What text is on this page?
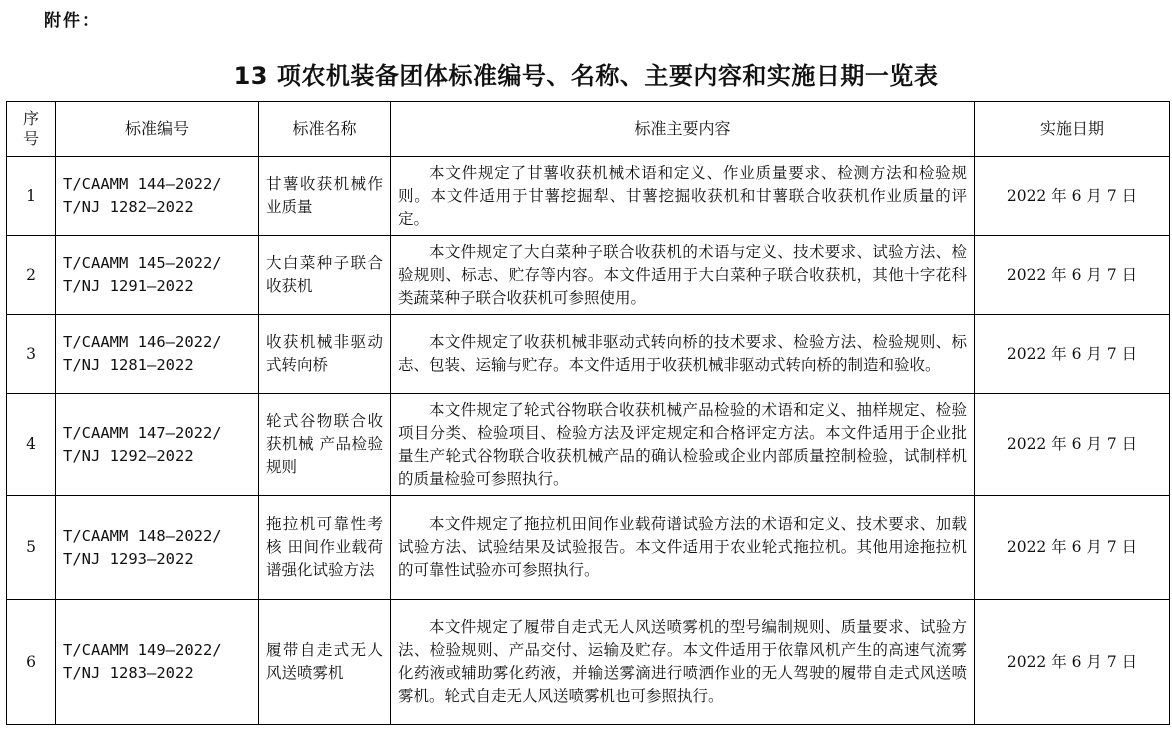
附件：
13 项农机装备团体标准编号、名称、主要内容和实施日期一览表
序号	标准编号	标准名称	标准主要内容	实施日期
1	T/CAAMM 144—2022/
T/NJ 1282—2022	甘薯收获机械作业质量	本文件规定了甘薯收获机械术语和定义、作业质量要求、检测方法和检验规则。本文件适用于甘薯挖掘犁、甘薯挖掘收获机和甘薯联合收获机作业质量的评定。	2022 年 6 月 7 日
2	T/CAAMM 145—2022/
T/NJ 1291—2022	大白菜种子联合收获机	本文件规定了大白菜种子联合收获机的术语与定义、技术要求、试验方法、检验规则、标志、贮存等内容。本文件适用于大白菜种子联合收获机，其他十字花科类蔬菜种子联合收获机可参照使用。	2022 年 6 月 7 日
3	T/CAAMM 146—2022/
T/NJ 1281—2022	收获机械非驱动式转向桥	本文件规定了收获机械非驱动式转向桥的技术要求、检验方法、检验规则、标志、包装、运输与贮存。本文件适用于收获机械非驱动式转向桥的制造和验收。	2022 年 6 月 7 日
4	T/CAAMM 147—2022/
T/NJ 1292—2022	轮式谷物联合收获机械 产品检验规则	本文件规定了轮式谷物联合收获机械产品检验的术语和定义、抽样规定、检验项目分类、检验项目、检验方法及评定规定和合格评定方法。本文件适用于企业批量生产轮式谷物联合收获机械产品的确认检验或企业内部质量控制检验，试制样机的质量检验可参照执行。	2022 年 6 月 7 日
5	T/CAAMM 148—2022/
T/NJ 1293—2022	拖拉机可靠性考核 田间作业载荷谱强化试验方法	本文件规定了拖拉机田间作业载荷谱试验方法的术语和定义、技术要求、加载试验方法、试验结果及试验报告。本文件适用于农业轮式拖拉机。其他用途拖拉机的可靠性试验亦可参照执行。	2022 年 6 月 7 日
6	T/CAAMM 149—2022/
T/NJ 1283—2022	履带自走式无人风送喷雾机	本文件规定了履带自走式无人风送喷雾机的型号编制规则、质量要求、试验方法、检验规则、产品交付、运输及贮存。本文件适用于依靠风机产生的高速气流雾化药液或辅助雾化药液，并输送雾滴进行喷洒作业的无人驾驶的履带自走式风送喷雾机。轮式自走无人风送喷雾机也可参照执行。	2022 年 6 月 7 日
